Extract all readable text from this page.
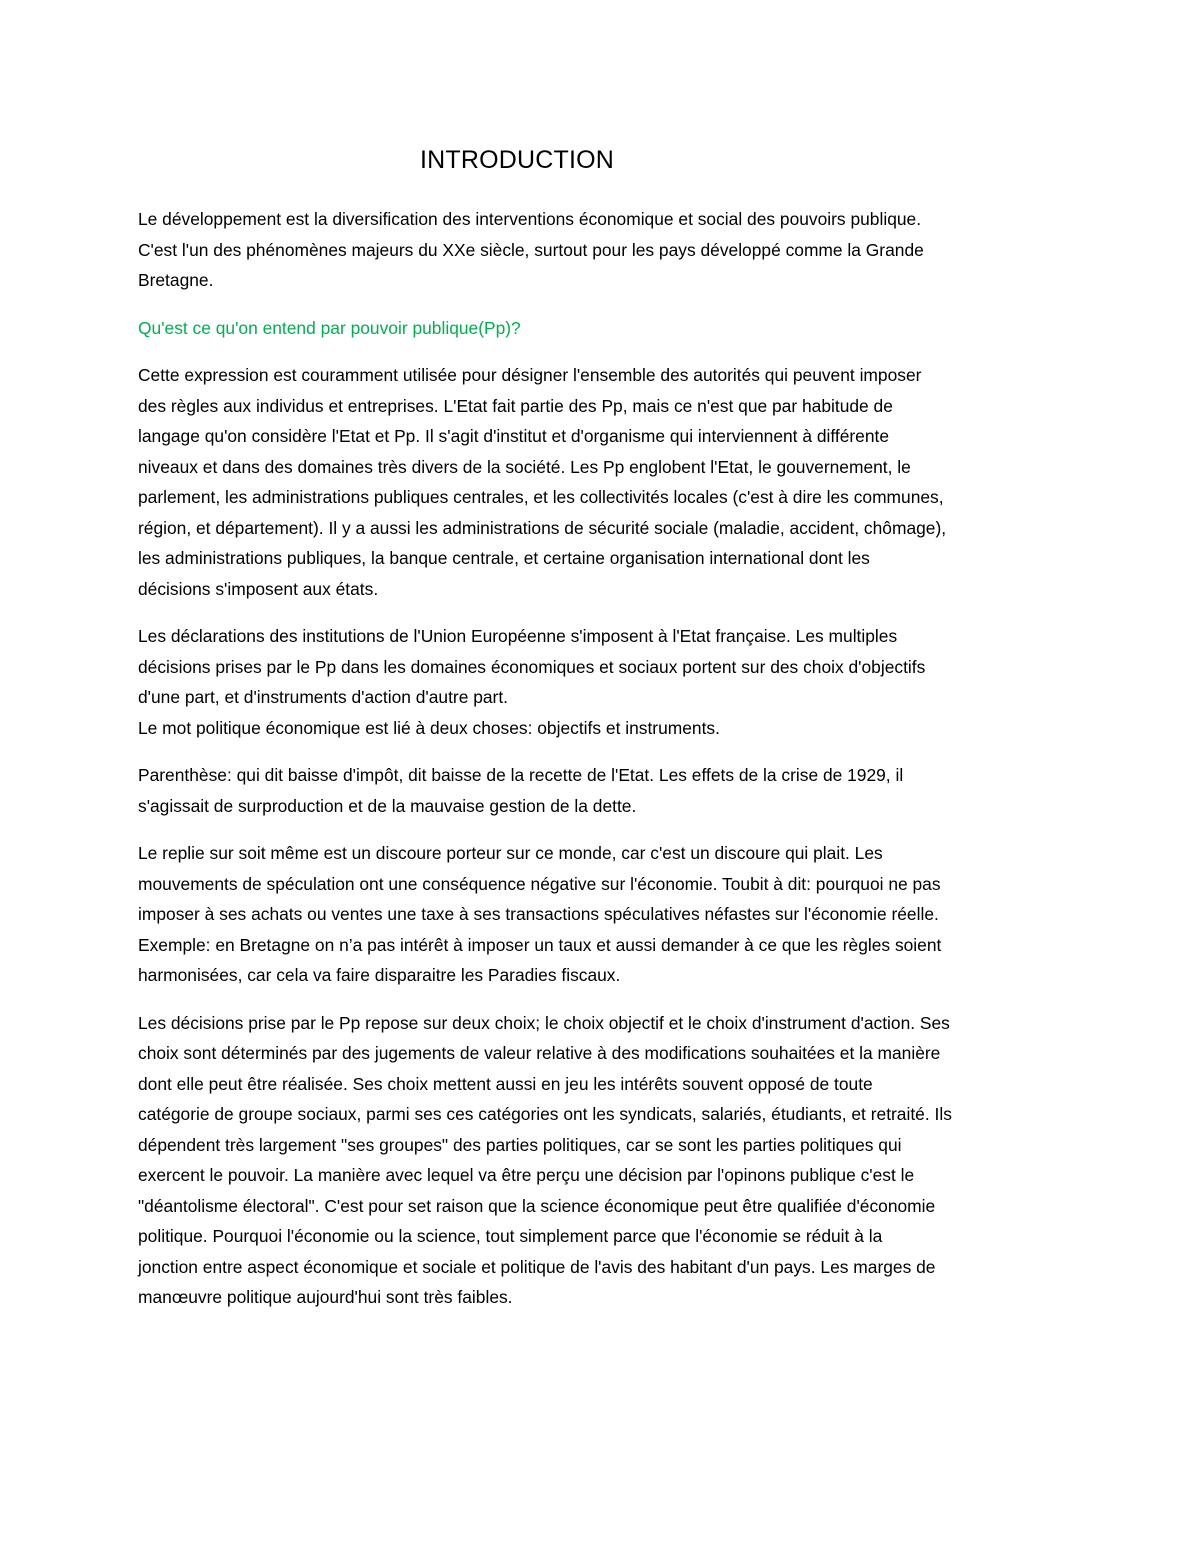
INTRODUCTION
Le développement est la diversification des interventions économique et social des pouvoirs publique.
C'est l'un des phénomènes majeurs du XXe siècle, surtout pour les pays développé comme la Grande
Bretagne.
Qu'est ce qu'on entend par pouvoir publique(Pp)?
Cette expression est couramment utilisée pour désigner l'ensemble des autorités qui peuvent imposer
des règles aux individus et entreprises. L'Etat fait partie des Pp, mais ce n'est que par habitude de
langage qu'on considère l'Etat et Pp. Il s'agit d'institut et d'organisme qui interviennent à différente
niveaux et dans des domaines très divers de la société. Les Pp englobent l'Etat, le gouvernement, le
parlement, les administrations publiques centrales, et les collectivités locales (c'est à dire les communes,
région, et département). Il y a aussi les administrations de sécurité sociale (maladie, accident, chômage),
les administrations publiques, la banque centrale, et certaine organisation international dont les
décisions s'imposent aux états.
Les déclarations des institutions de l'Union Européenne s'imposent à l'Etat française. Les multiples
décisions prises par le Pp dans les domaines économiques et sociaux portent sur des choix d'objectifs
d'une part, et d'instruments d'action d'autre part.
Le mot politique économique est lié à deux choses: objectifs et instruments.
Parenthèse: qui dit baisse d'impôt, dit baisse de la recette de l'Etat. Les effets de la crise de 1929, il
s'agissait de surproduction et de la mauvaise gestion de la dette.
Le replie sur soit même est un discoure porteur sur ce monde, car c'est un discoure qui plait. Les
mouvements de spéculation ont une conséquence négative sur l'économie. Toubit à dit: pourquoi ne pas
imposer à ses achats ou ventes une taxe à ses transactions spéculatives néfastes sur l'économie réelle.
Exemple: en Bretagne on n’a pas intérêt à imposer un taux et aussi demander à ce que les règles soient
harmonisées, car cela va faire disparaitre les Paradies fiscaux.
Les décisions prise par le Pp repose sur deux choix; le choix objectif et le choix d'instrument d'action. Ses
choix sont déterminés par des jugements de valeur relative à des modifications souhaitées et la manière
dont elle peut être réalisée. Ses choix mettent aussi en jeu les intérêts souvent opposé de toute
catégorie de groupe sociaux, parmi ses ces catégories ont les syndicats, salariés, étudiants, et retraité. Ils
dépendent très largement "ses groupes" des parties politiques, car se sont les parties politiques qui
exercent le pouvoir. La manière avec lequel va être perçu une décision par l'opinons publique c'est le
"déantolisme électoral". C'est pour set raison que la science économique peut être qualifiée d'économie
politique. Pourquoi l'économie ou la science, tout simplement parce que l'économie se réduit à la
jonction entre aspect économique et sociale et politique de l'avis des habitant d'un pays. Les marges de
manœuvre politique aujourd'hui sont très faibles.
